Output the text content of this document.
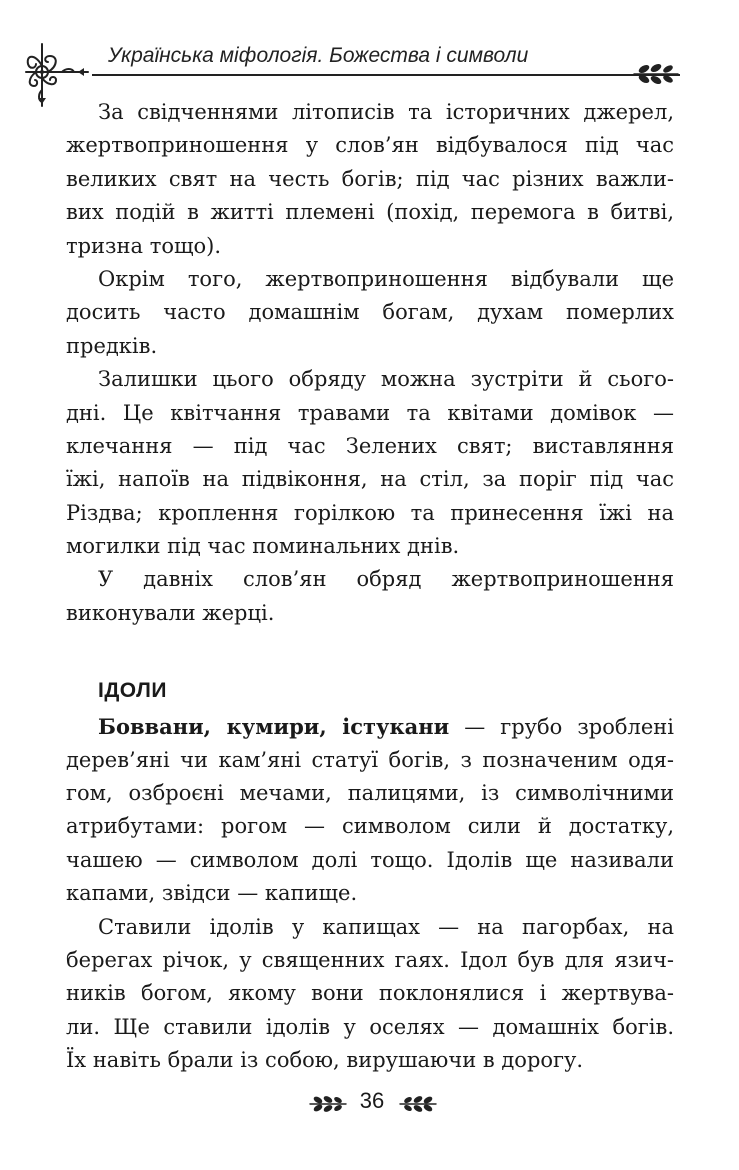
Українська міфологія. Божества і символи
За свідченнями літописів та історичних джерел,
жертвоприношення у слов’ян відбувалося під час
великих свят на честь богів; під час різних важли-
вих подій в житті племені (похід, перемога в битві,
тризна тощо).
Окрім того, жертвоприношення відбували ще
досить часто домашнім богам, духам померлих
предків.
Залишки цього обряду можна зустріти й сього-
дні. Це квітчання травами та квітами домівок —
клечання — під час Зелених свят; виставляння
їжі, напоїв на підвіконня, на стіл, за поріг під час
Різдва; кроплення горілкою та принесення їжі на
могилки під час поминальних днів.
У давніх слов’ян обряд жертвоприношення
виконували жерці.
ІДОЛИ
Боввани, кумири, істукани — грубо зроблені
дерев’яні чи кам’яні статуї богів, з позначеним одя-
гом, озброєні мечами, палицями, із символічними
атрибутами: рогом — символом сили й достатку,
чашею — символом долі тощо. Ідолів ще називали
капами, звідси — капище.
Ставили ідолів у капищах — на пагорбах, на
берегах річок, у священних гаях. Ідол був для язич-
ників богом, якому вони поклонялися і жертвува-
ли. Ще ставили ідолів у оселях — домашніх богів.
Їх навіть брали із собою, вирушаючи в дорогу.
36
